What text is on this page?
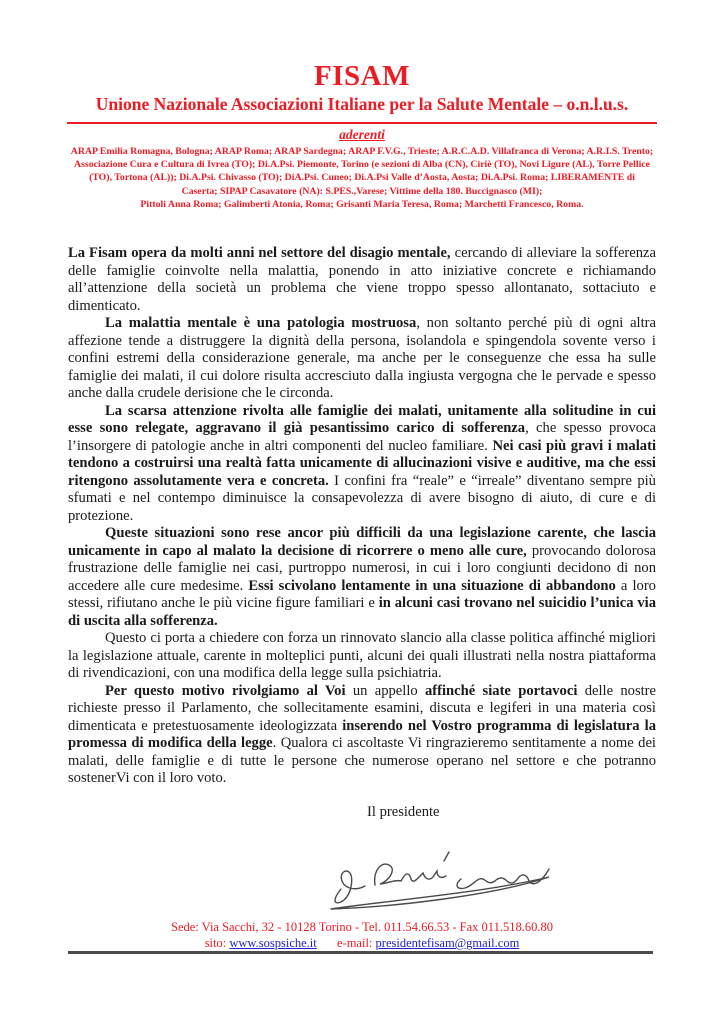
FISAM
Unione Nazionale Associazioni Italiane per la Salute Mentale – o.n.l.u.s.
aderenti
ARAP Emilia Romagna, Bologna; ARAP Roma; ARAP Sardegna; ARAP F.V.G., Trieste; A.R.C.A.D. Villafranca di Verona; A.R.I.S. Trento;
Associazione Cura e Cultura di Ivrea (TO); Di.A.Psi. Piemonte, Torino (e sezioni di Alba (CN), Ciriè (TO), Novi Ligure (AL), Torre Pellice
(TO), Tortona (AL)); Di.A.Psi. Chivasso (TO); DiA.Psi. Cuneo; Di.A.Psi Valle d’Aosta, Aosta; Di.A.Psi. Roma; LIBERAMENTE di
Caserta; SIPAP Casavatore (NA): S.PES.,Varese; Vittime della 180. Buccignasco (MI);
Pittoli Anna Roma; Galimberti Atonia, Roma; Grisanti Maria Teresa, Roma; Marchetti Francesco, Roma.

La Fisam opera da molti anni nel settore del disagio mentale, cercando di alleviare la sofferenza delle famiglie coinvolte nella malattia, ponendo in atto iniziative concrete e richiamando all’attenzione della società un problema che viene troppo spesso allontanato, sottaciuto e dimenticato.

La malattia mentale è una patologia mostruosa, non soltanto perché più di ogni altra affezione tende a distruggere la dignità della persona, isolandola e spingendola sovente verso i confini estremi della considerazione generale, ma anche per le conseguenze che essa ha sulle famiglie dei malati, il cui dolore risulta accresciuto dalla ingiusta vergogna che le pervade e spesso anche dalla crudele derisione che le circonda.

La scarsa attenzione rivolta alle famiglie dei malati, unitamente alla solitudine in cui esse sono relegate, aggravano il già pesantissimo carico di sofferenza, che spesso provoca l’insorgere di patologie anche in altri componenti del nucleo familiare. Nei casi più gravi i malati tendono a costruirsi una realtà fatta unicamente di allucinazioni visive e auditive, ma che essi ritengono assolutamente vera e concreta. I confini fra “reale” e “irreale” diventano sempre più sfumati e nel contempo diminuisce la consapevolezza di avere bisogno di aiuto, di cure e di protezione.

Queste situazioni sono rese ancor più difficili da una legislazione carente, che lascia unicamente in capo al malato la decisione di ricorrere o meno alle cure, provocando dolorosa frustrazione delle famiglie nei casi, purtroppo numerosi, in cui i loro congiunti decidono di non accedere alle cure medesime. Essi scivolano lentamente in una situazione di abbandono a loro stessi, rifiutano anche le più vicine figure familiari e in alcuni casi trovano nel suicidio l’unica via di uscita alla sofferenza.

Questo ci porta a chiedere con forza un rinnovato slancio alla classe politica affinché migliori la legislazione attuale, carente in molteplici punti, alcuni dei quali illustrati nella nostra piattaforma di rivendicazioni, con una modifica della legge sulla psichiatria.

Per questo motivo rivolgiamo al Voi un appello affinché siate portavoci delle nostre richieste presso il Parlamento, che sollecitamente esamini, discuta e legiferi in una materia così dimenticata e pretestuosamente ideologizzata inserendo nel Vostro programma di legislatura la promessa di modifica della legge. Qualora ci ascoltaste Vi ringrazieremo sentitamente a nome dei malati, delle famiglie e di tutte le persone che numerose operano nel settore e che potranno sostenerVi con il loro voto.

Il presidente
Sede: Via Sacchi, 32 - 10128 Torino - Tel. 011.54.66.53 - Fax 011.518.60.80
sito: www.sospsiche.it e-mail: presidentefisam@gmail.com
